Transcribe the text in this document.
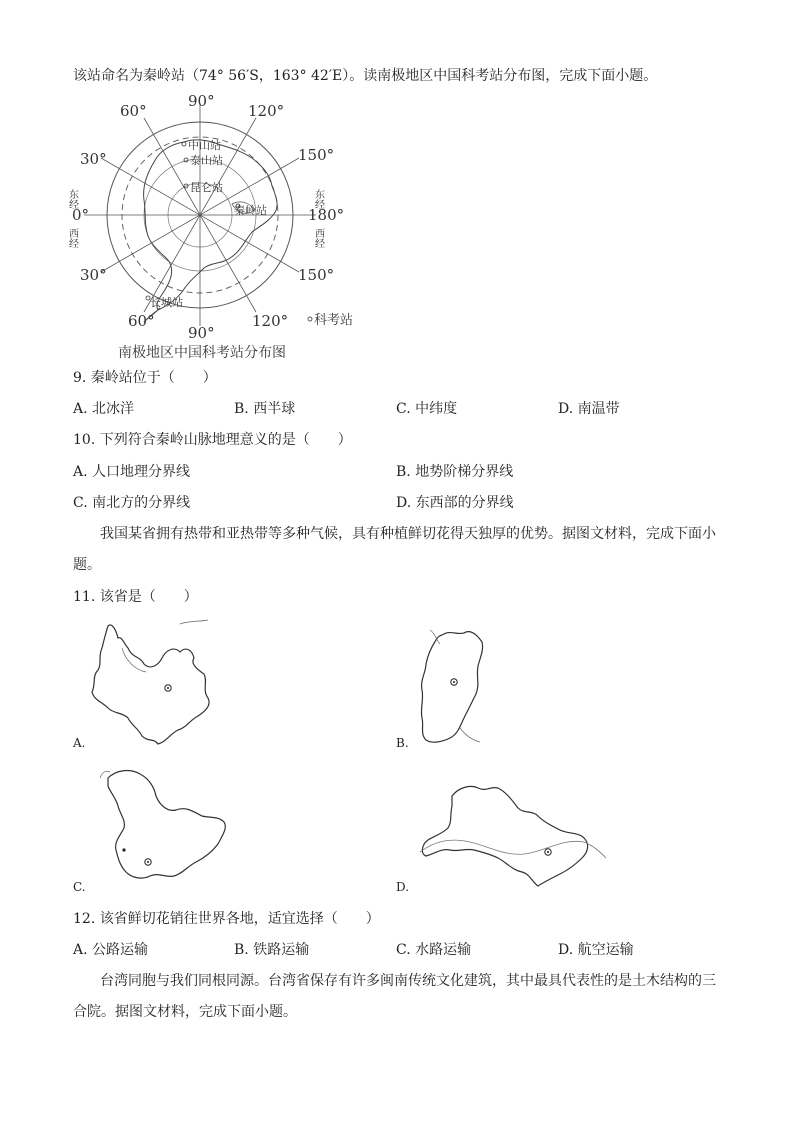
该站命名为秦岭站（74° 56′S，163° 42′E）。读南极地区中国科考站分布图，完成下面小题。
90°
60°	120°
30°	150°
0°	180°
30°	150°
60°
90°
120°
东经
西经
东经
西经
中山站
泰山站
昆仑站
秦岭站
长城站
科考站
南极地区中国科考站分布图
9. 秦岭站位于（　　）
A. 北冰洋	B. 西半球	C. 中纬度	D. 南温带
10. 下列符合秦岭山脉地理意义的是（　　）
A. 人口地理分界线	B. 地势阶梯分界线
C. 南北方的分界线	D. 东西部的分界线
我国某省拥有热带和亚热带等多种气候，具有种植鲜切花得天独厚的优势。据图文材料，完成下面小
题。
11. 该省是（　　）
A.	B.
C.	D.
12. 该省鲜切花销往世界各地，适宜选择（　　）
A. 公路运输	B. 铁路运输	C. 水路运输	D. 航空运输
台湾同胞与我们同根同源。台湾省保存有许多闽南传统文化建筑，其中最具代表性的是土木结构的三
合院。据图文材料，完成下面小题。
